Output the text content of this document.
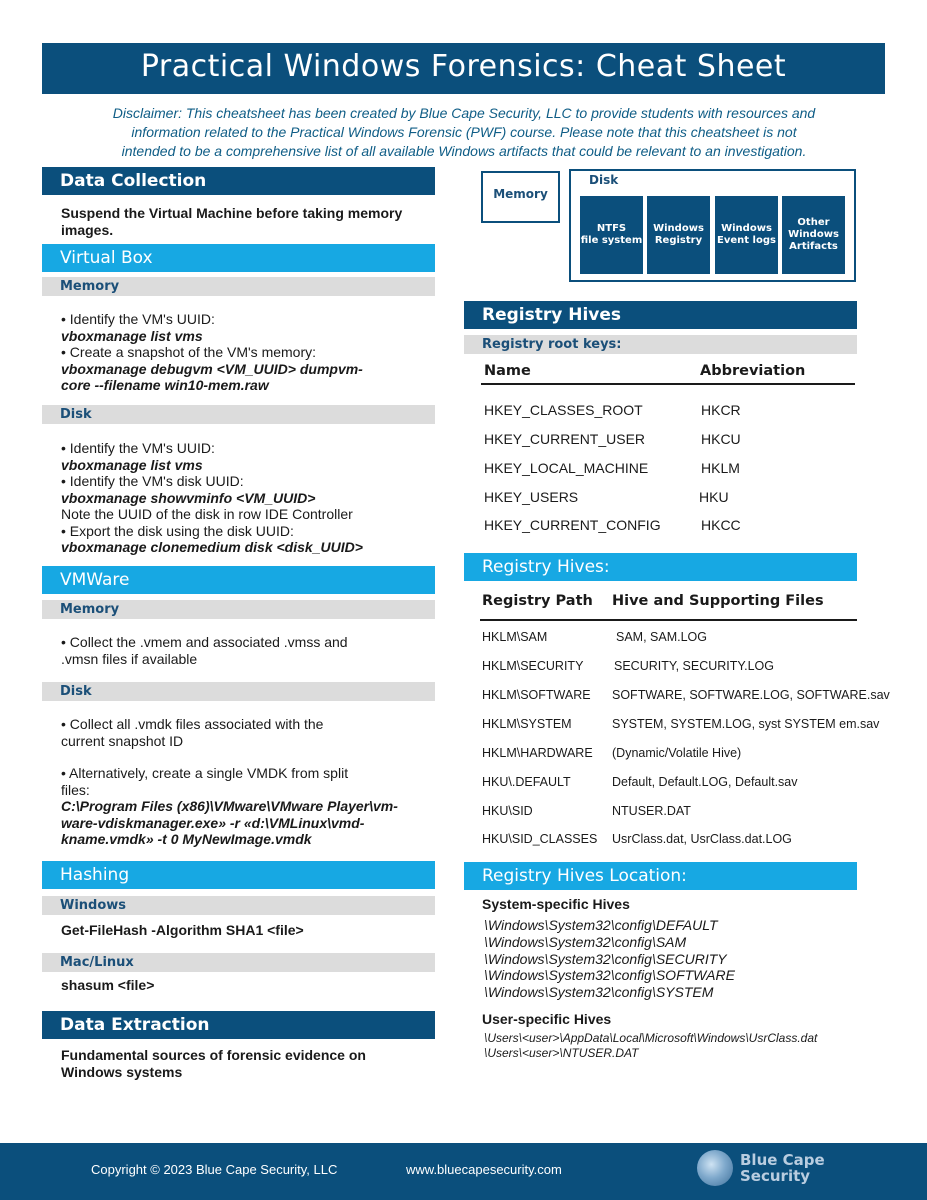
Practical Windows Forensics: Cheat Sheet
Disclaimer: This cheatsheet has been created by Blue Cape Security, LLC to provide students with resources and
information related to the Practical Windows Forensic (PWF) course. Please note that this cheatsheet is not
intended to be a comprehensive list of all available Windows artifacts that could be relevant to an investigation.
Data Collection
Suspend the Virtual Machine before taking memory
images.
Virtual Box
Memory
• Identify the VM's UUID:
vboxmanage list vms
• Create a snapshot of the VM's memory:
vboxmanage debugvm <VM_UUID> dumpvm-
core --filename win10-mem.raw
Disk
• Identify the VM's UUID:
vboxmanage list vms
• Identify the VM's disk UUID:
vboxmanage showvminfo <VM_UUID>
Note the UUID of the disk in row IDE Controller
• Export the disk using the disk UUID:
vboxmanage clonemedium disk <disk_UUID>
VMWare
Memory
• Collect the .vmem and associated .vmss and
.vmsn files if available
Disk
• Collect all .vmdk files associated with the
current snapshot ID
• Alternatively, create a single VMDK from split
files:
C:\Program Files (x86)\VMware\VMware Player\vm-
ware-vdiskmanager.exe» -r «d:\VMLinux\vmd-
kname.vmdk» -t 0 MyNewImage.vmdk
Hashing
Windows
Get-FileHash -Algorithm SHA1 <file>
Mac/Linux
shasum <file>
Data Extraction
Fundamental sources of forensic evidence on
Windows systems
Memory
Disk
NTFS
file system
Windows
Registry
Windows
Event logs
Other
Windows
Artifacts
Registry Hives
Registry root keys:
Name	Abbreviation
HKEY_CLASSES_ROOT	HKCR
HKEY_CURRENT_USER	HKCU
HKEY_LOCAL_MACHINE	HKLM
HKEY_USERS	HKU
HKEY_CURRENT_CONFIG	HKCC
Registry Hives:
Registry Path Hive and Supporting Files
HKLM\SAM	SAM, SAM.LOG
HKLM\SECURITY SECURITY, SECURITY.LOG
HKLM\SOFTWARE SOFTWARE, SOFTWARE.LOG, SOFTWARE.sav
HKLM\SYSTEM	SYSTEM, SYSTEM.LOG, syst SYSTEM em.sav
HKLM\HARDWARE (Dynamic/Volatile Hive)
HKU\.DEFAULT	Default, Default.LOG, Default.sav
HKU\SID	NTUSER.DAT
HKU\SID_CLASSES UsrClass.dat, UsrClass.dat.LOG
Registry Hives Location:
System-specific Hives
\Windows\System32\config\DEFAULT
\Windows\System32\config\SAM
\Windows\System32\config\SECURITY
\Windows\System32\config\SOFTWARE
\Windows\System32\config\SYSTEM
User-specific Hives
\Users\<user>\AppData\Local\Microsoft\Windows\UsrClass.dat
\Users\<user>\NTUSER.DAT
Copyright © 2023 Blue Cape Security, LLC	www.bluecapesecurity.com
Blue Cape
Security
